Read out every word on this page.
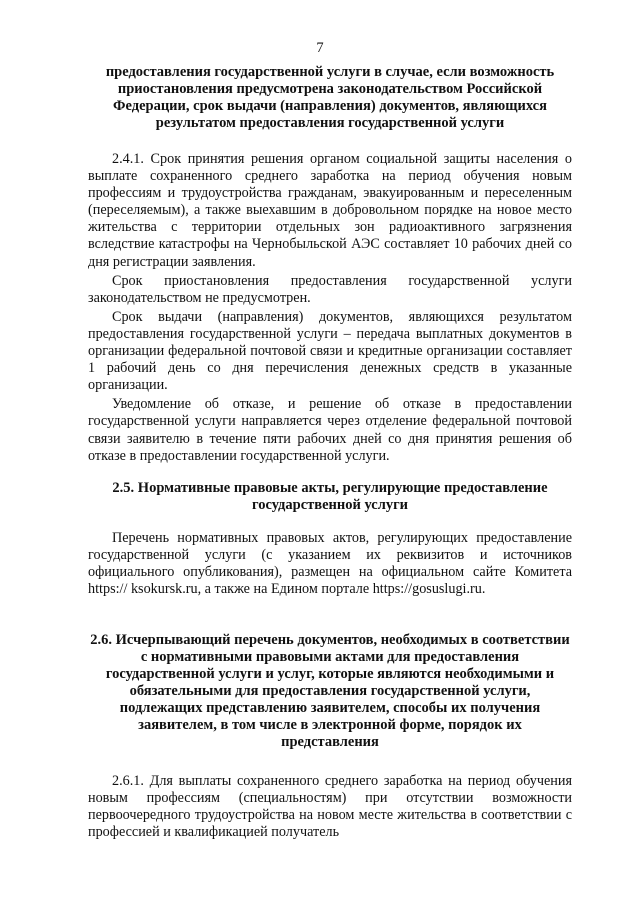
7
предоставления государственной услуги в случае, если возможность приостановления предусмотрена законодательством Российской Федерации, срок выдачи (направления) документов, являющихся результатом предоставления государственной услуги

2.4.1. Срок принятия решения органом социальной защиты населения о выплате сохраненного среднего заработка на период обучения новым профессиям и трудоустройства гражданам, эвакуированным и переселенным (переселяемым), а также выехавшим в добровольном порядке на новое место жительства с территории отдельных зон радиоактивного загрязнения вследствие катастрофы на Чернобыльской АЭС составляет 10 рабочих дней со дня регистрации заявления.

Срок приостановления предоставления государственной услуги законодательством не предусмотрен.

Срок выдачи (направления) документов, являющихся результатом предоставления государственной услуги – передача выплатных документов в организации федеральной почтовой связи и кредитные организации составляет 1 рабочий день со дня перечисления денежных средств в указанные организации.

Уведомление об отказе, и решение об отказе в предоставлении государственной услуги направляется через отделение федеральной почтовой связи заявителю в течение пяти рабочих дней со дня принятия решения об отказе в предоставлении государственной услуги.

2.5. Нормативные правовые акты, регулирующие предоставление государственной услуги

Перечень нормативных правовых актов, регулирующих предоставление государственной услуги (с указанием их реквизитов и источников официального опубликования), размещен на официальном сайте Комитета https:// ksokursk.ru, а также на Едином портале https://gosuslugi.ru.

2.6. Исчерпывающий перечень документов, необходимых в соответствии с нормативными правовыми актами для предоставления государственной услуги и услуг, которые являются необходимыми и обязательными для предоставления государственной услуги, подлежащих представлению заявителем, способы их получения заявителем, в том числе в электронной форме, порядок их представления

2.6.1. Для выплаты сохраненного среднего заработка на период обучения новым профессиям (специальностям) при отсутствии возможности первоочередного трудоустройства на новом месте жительства в соответствии с профессией и квалификацией получатель
